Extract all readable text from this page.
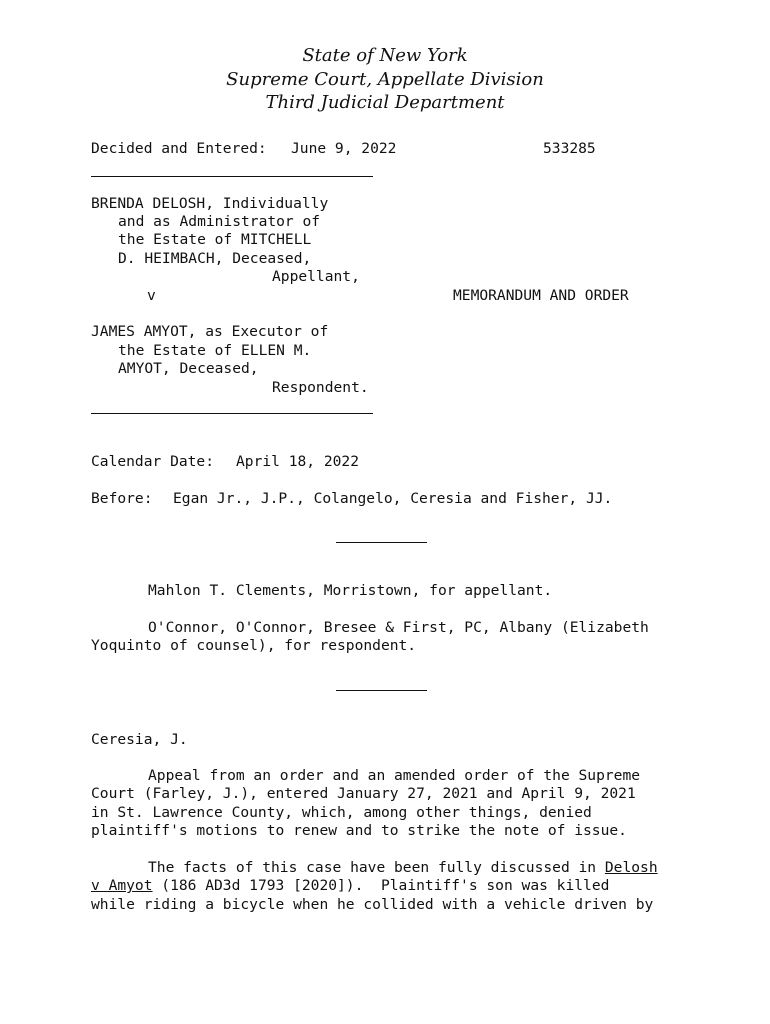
State of New York
Supreme Court, Appellate Division
Third Judicial Department
Decided and Entered: June 9, 2022	533285
BRENDA DELOSH, Individually
and as Administrator of
the Estate of MITCHELL
D. HEIMBACH, Deceased,
Appellant,
v	MEMORANDUM AND ORDER
JAMES AMYOT, as Executor of
the Estate of ELLEN M.
AMYOT, Deceased,
Respondent.
Calendar Date: April 18, 2022
Before: Egan Jr., J.P., Colangelo, Ceresia and Fisher, JJ.
Mahlon T. Clements, Morristown, for appellant.
O'Connor, O'Connor, Bresee & First, PC, Albany (Elizabeth
Yoquinto of counsel), for respondent.
Ceresia, J.
Appeal from an order and an amended order of the Supreme
Court (Farley, J.), entered January 27, 2021 and April 9, 2021
in St. Lawrence County, which, among other things, denied
plaintiff's motions to renew and to strike the note of issue.
The facts of this case have been fully discussed in Delosh
v Amyot (186 AD3d 1793 [2020]).  Plaintiff's son was killed
while riding a bicycle when he collided with a vehicle driven by
